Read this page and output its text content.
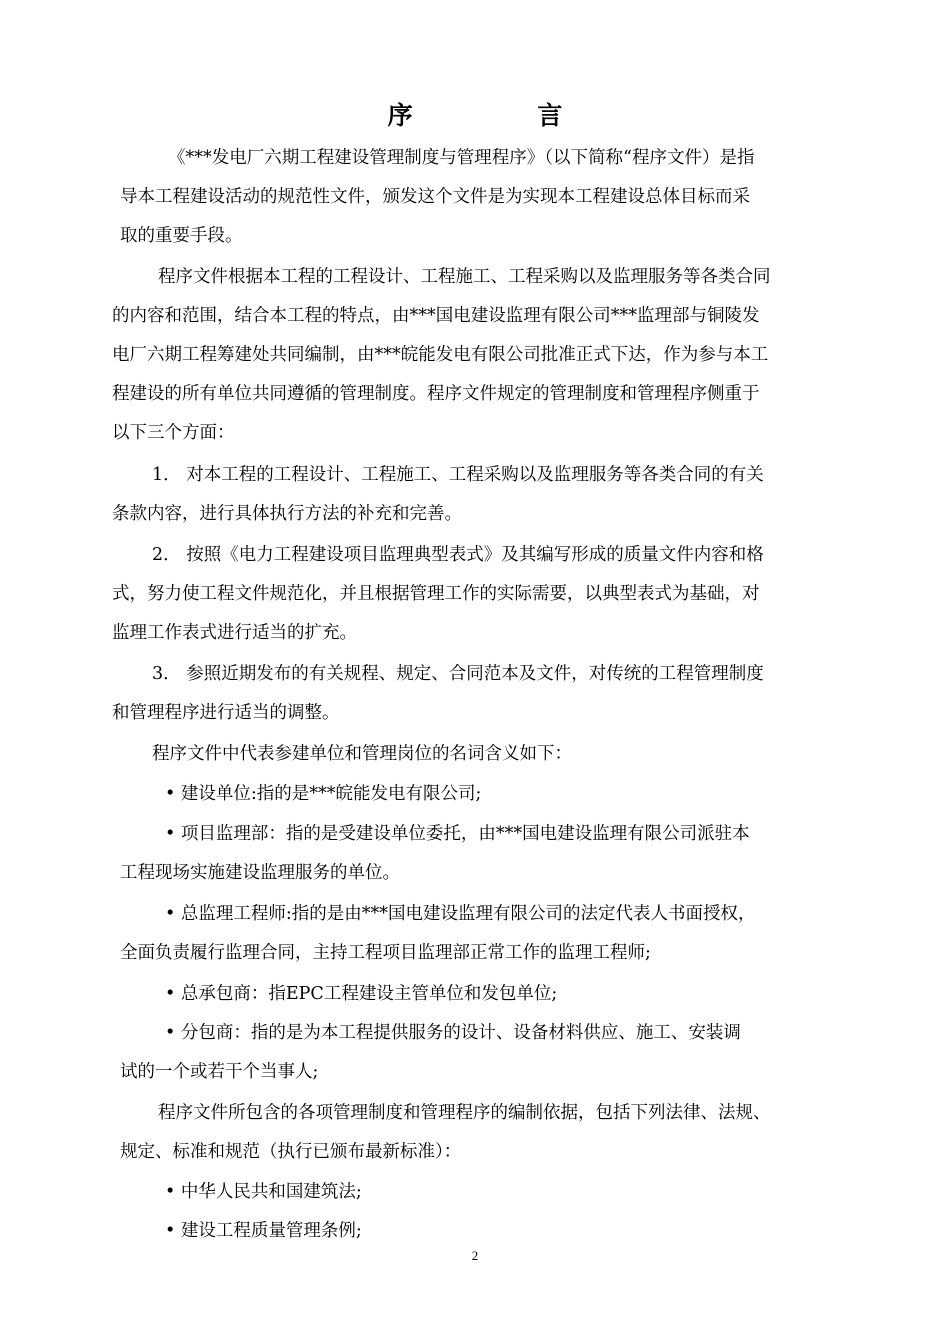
序 言
《***发电厂六期工程建设管理制度与管理程序》（以下简称“程序文件）是指
导本工程建设活动的规范性文件，颁发这个文件是为实现本工程建设总体目标而采
取的重要手段。
程序文件根据本工程的工程设计、工程施工、工程采购以及监理服务等各类合同
的内容和范围，结合本工程的特点，由***国电建设监理有限公司***监理部与铜陵发
电厂六期工程筹建处共同编制，由***皖能发电有限公司批准正式下达，作为参与本工
程建设的所有单位共同遵循的管理制度。程序文件规定的管理制度和管理程序侧重于
以下三个方面：
1． 对本工程的工程设计、工程施工、工程采购以及监理服务等各类合同的有关
条款内容，进行具体执行方法的补充和完善。
2． 按照《电力工程建设项目监理典型表式》及其编写形成的质量文件内容和格
式，努力使工程文件规范化，并且根据管理工作的实际需要，以典型表式为基础，对
监理工作表式进行适当的扩充。
3． 参照近期发布的有关规程、规定、合同范本及文件，对传统的工程管理制度
和管理程序进行适当的调整。
程序文件中代表参建单位和管理岗位的名词含义如下：
• 建设单位:指的是***皖能发电有限公司;
• 项目监理部：指的是受建设单位委托，由***国电建设监理有限公司派驻本
工程现场实施建设监理服务的单位。
• 总监理工程师:指的是由***国电建设监理有限公司的法定代表人书面授权，
全面负责履行监理合同，主持工程项目监理部正常工作的监理工程师;
• 总承包商：指EPC工程建设主管单位和发包单位;
• 分包商：指的是为本工程提供服务的设计、设备材料供应、施工、安装调
试的一个或若干个当事人;
程序文件所包含的各项管理制度和管理程序的编制依据，包括下列法律、法规、
规定、标准和规范（执行已颁布最新标准）：
• 中华人民共和国建筑法;
• 建设工程质量管理条例;
2
